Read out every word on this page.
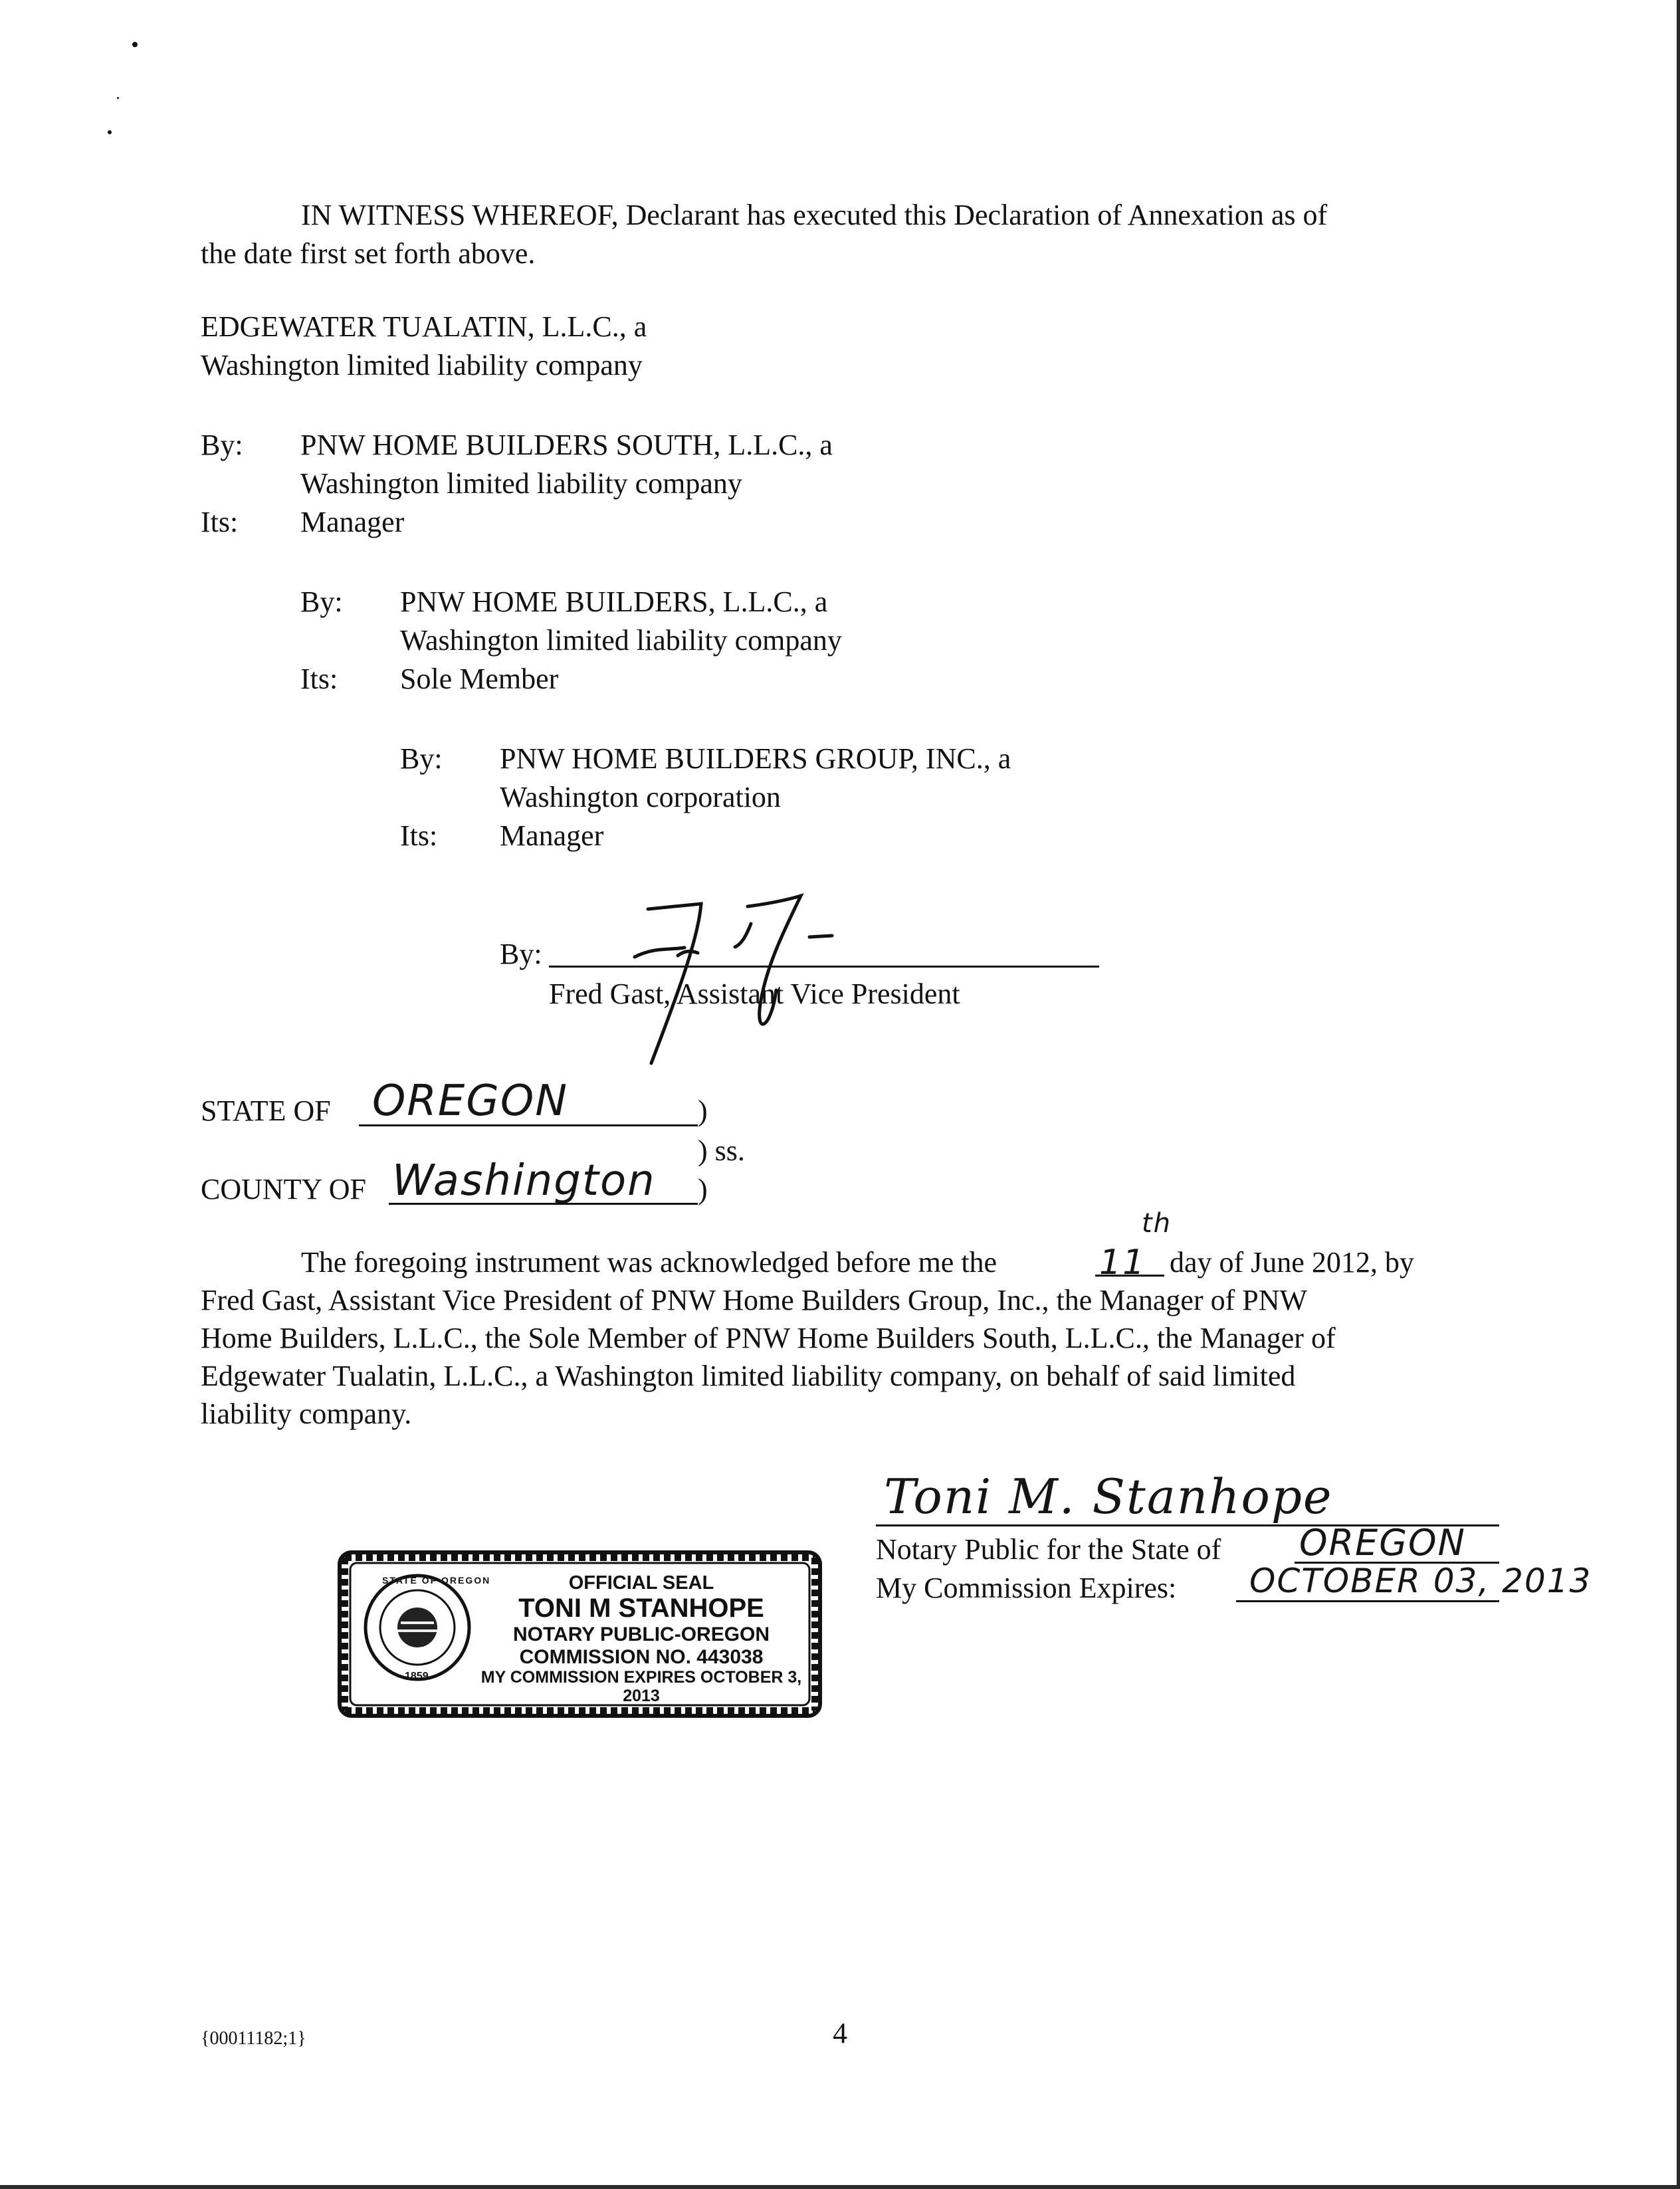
IN WITNESS WHEREOF, Declarant has executed this Declaration of Annexation as of
the date first set forth above.
EDGEWATER TUALATIN, L.L.C., a
Washington limited liability company
By: PNW HOME BUILDERS SOUTH, L.L.C., a
Washington limited liability company
Its: Manager
By: PNW HOME BUILDERS, L.L.C., a
Washington limited liability company
Its: Sole Member
By: PNW HOME BUILDERS GROUP, INC., a
Washington corporation
Its: Manager
By:
Fred Gast, Assistant Vice President
STATE OF OREGON	)
) ss.
COUNTY OF Washington )
The foregoing instrument was acknowledged before me the	11
th
day of June 2012, by
Fred Gast, Assistant Vice President of PNW Home Builders Group, Inc., the Manager of PNW
Home Builders, L.L.C., the Sole Member of PNW Home Builders South, L.L.C., the Manager of
Edgewater Tualatin, L.L.C., a Washington limited liability company, on behalf of said limited
liability company.
Toni M. Stanhope
Notary Public for the State of OREGON
My Commission Expires: OCTOBER 03, 2013
STATE OF OREGON
1859
OFFICIAL SEAL
TONI M STANHOPE
NOTARY PUBLIC-OREGON
COMMISSION NO. 443038
MY COMMISSION EXPIRES OCTOBER 3, 2013
{00011182;1}	4
